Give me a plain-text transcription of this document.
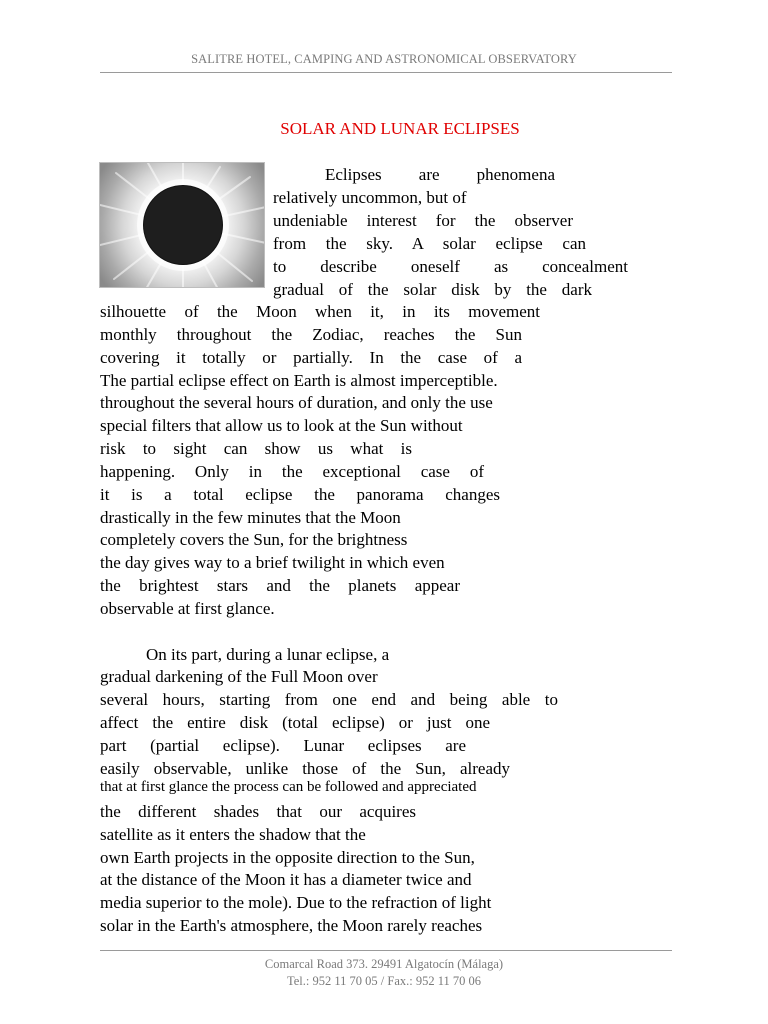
SALITRE HOTEL, CAMPING AND ASTRONOMICAL OBSERVATORY
SOLAR AND LUNAR ECLIPSES
Eclipses are phenomena
relatively uncommon, but of
undeniable interest for the observer
from the sky. A solar eclipse can
to describe oneself as concealment
gradual of the solar disk by the dark
silhouette of the Moon when it, in its movement
monthly throughout the Zodiac, reaches the Sun
covering it totally or partially. In the case of a
The partial eclipse effect on Earth is almost imperceptible.
throughout the several hours of duration, and only the use
special filters that allow us to look at the Sun without
risk to sight can show us what is
happening. Only in the exceptional case of
it is a total eclipse the panorama changes
drastically in the few minutes that the Moon
completely covers the Sun, for the brightness
the day gives way to a brief twilight in which even
the brightest stars and the planets appear
observable at first glance.
On its part, during a lunar eclipse, a
gradual darkening of the Full Moon over
several hours, starting from one end and being able to
affect the entire disk (total eclipse) or just one
part (partial eclipse). Lunar eclipses are
easily observable, unlike those of the Sun, already
that at first glance the process can be followed and appreciated
the different shades that our acquires
satellite as it enters the shadow that the
own Earth projects in the opposite direction to the Sun,
at the distance of the Moon it has a diameter twice and
media superior to the mole). Due to the refraction of light
solar in the Earth's atmosphere, the Moon rarely reaches
Comarcal Road 373. 29491 Algatocín (Málaga)
Tel.: 952 11 70 05 / Fax.: 952 11 70 06
